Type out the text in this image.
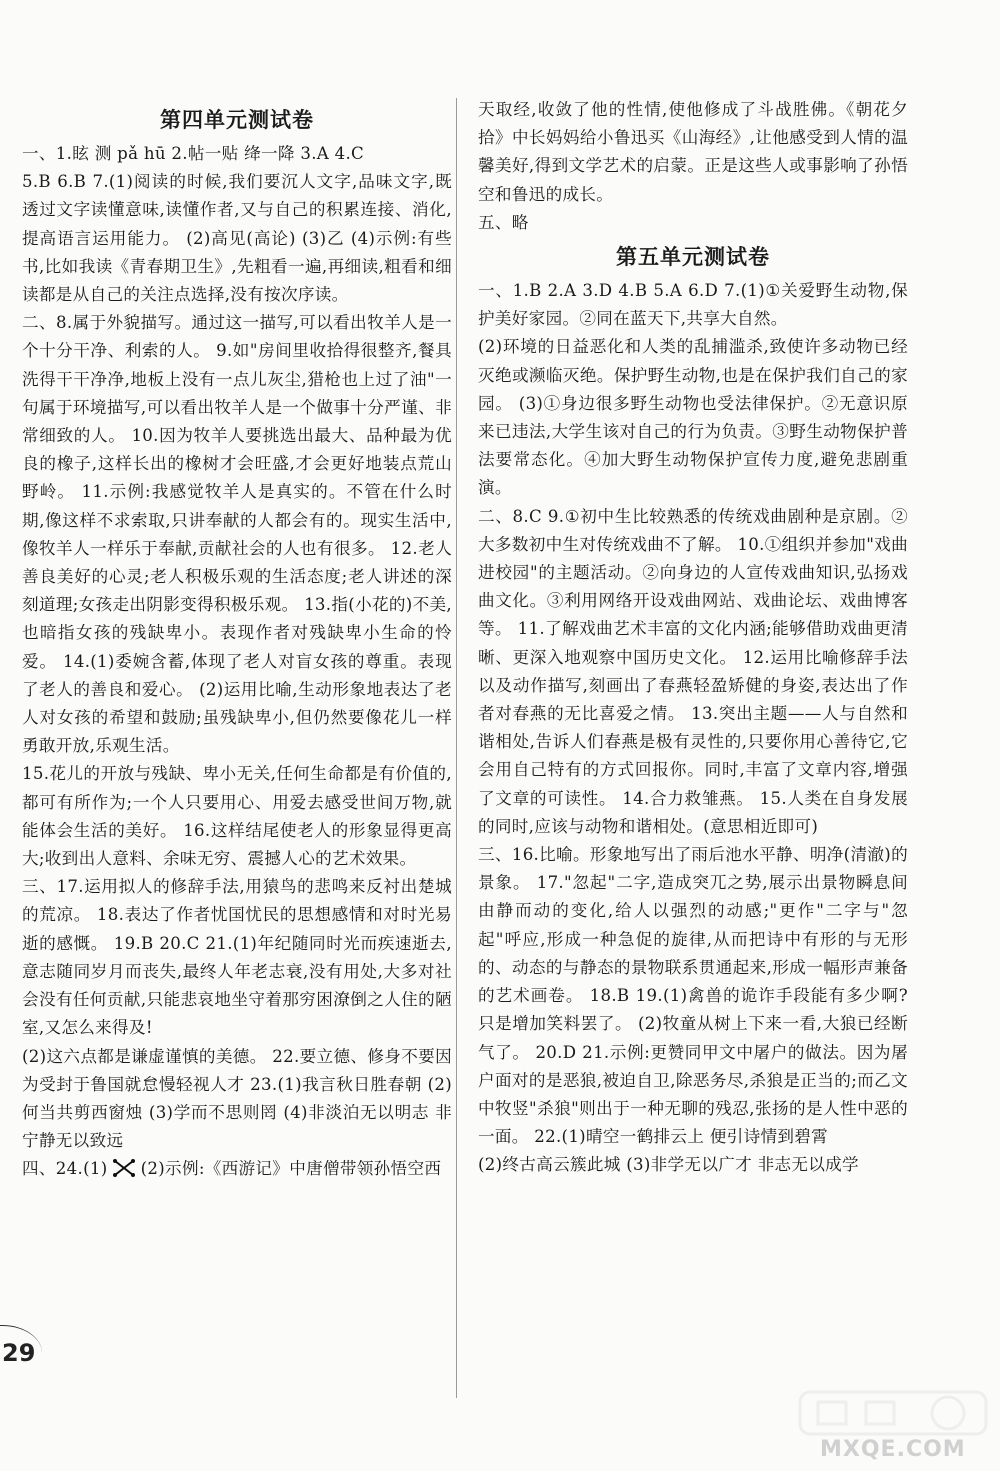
第四单元测试卷

一、1.眩 测 pǎ hū 2.帖一贴 绛一降 3.A 4.C

5.B 6.B 7.(1)阅读的时候,我们要沉人文字,品味文字,既透过文字读懂意味,读懂作者,又与自己的积累连接、消化,提高语言运用能力。 (2)高见(高论) (3)乙 (4)示例:有些书,比如我读《青春期卫生》,先粗看一遍,再细读,粗看和细读都是从自己的关注点选择,没有按次序读。

二、8.属于外貌描写。通过这一描写,可以看出牧羊人是一个十分干净、利索的人。 9.如"房间里收拾得很整齐,餐具洗得干干净净,地板上没有一点儿灰尘,猎枪也上过了油"一句属于环境描写,可以看出牧羊人是一个做事十分严谨、非常细致的人。 10.因为牧羊人要挑选出最大、品种最为优良的橡子,这样长出的橡树才会旺盛,才会更好地装点荒山野岭。 11.示例:我感觉牧羊人是真实的。不管在什么时期,像这样不求索取,只讲奉献的人都会有的。现实生活中,像牧羊人一样乐于奉献,贡献社会的人也有很多。 12.老人善良美好的心灵;老人积极乐观的生活态度;老人讲述的深刻道理;女孩走出阴影变得积极乐观。 13.指(小花的)不美,也暗指女孩的残缺卑小。表现作者对残缺卑小生命的怜爱。 14.(1)委婉含蓄,体现了老人对盲女孩的尊重。表现了老人的善良和爱心。 (2)运用比喻,生动形象地表达了老人对女孩的希望和鼓励;虽残缺卑小,但仍然要像花儿一样勇敢开放,乐观生活。

15.花儿的开放与残缺、卑小无关,任何生命都是有价值的,都可有所作为;一个人只要用心、用爱去感受世间万物,就能体会生活的美好。 16.这样结尾使老人的形象显得更高大;收到出人意料、余味无穷、震撼人心的艺术效果。

三、17.运用拟人的修辞手法,用猿鸟的悲鸣来反衬出楚城的荒凉。 18.表达了作者忧国忧民的思想感情和对时光易逝的感慨。 19.B 20.C 21.(1)年纪随同时光而疾速逝去,意志随同岁月而丧失,最终人年老志衰,没有用处,大多对社会没有任何贡献,只能悲哀地坐守着那穷困潦倒之人住的陋室,又怎么来得及!

(2)这六点都是谦虚谨慎的美德。 22.要立德、修身不要因为受封于鲁国就怠慢轻视人才 23.(1)我言秋日胜春朝 (2)何当共剪西窗烛 (3)学而不思则罔 (4)非淡泊无以明志 非宁静无以致远

四、24.(1) (2)示例:《西游记》中唐僧带领孙悟空西

天取经,收敛了他的性情,使他修成了斗战胜佛。《朝花夕拾》中长妈妈给小鲁迅买《山海经》,让他感受到人情的温馨美好,得到文学艺术的启蒙。正是这些人或事影响了孙悟空和鲁迅的成长。

五、略

第五单元测试卷

一、1.B 2.A 3.D 4.B 5.A 6.D 7.(1)①关爱野生动物,保护美好家园。②同在蓝天下,共享大自然。

(2)环境的日益恶化和人类的乱捕滥杀,致使许多动物已经灭绝或濒临灭绝。保护野生动物,也是在保护我们自己的家园。 (3)①身边很多野生动物也受法律保护。②无意识原来已违法,大学生该对自己的行为负责。③野生动物保护普法要常态化。④加大野生动物保护宣传力度,避免悲剧重演。

二、8.C 9.①初中生比较熟悉的传统戏曲剧种是京剧。②大多数初中生对传统戏曲不了解。 10.①组织并参加"戏曲进校园"的主题活动。②向身边的人宣传戏曲知识,弘扬戏曲文化。③利用网络开设戏曲网站、戏曲论坛、戏曲博客等。 11.了解戏曲艺术丰富的文化内涵;能够借助戏曲更清晰、更深入地观察中国历史文化。 12.运用比喻修辞手法以及动作描写,刻画出了春燕轻盈矫健的身姿,表达出了作者对春燕的无比喜爱之情。 13.突出主题——人与自然和谐相处,告诉人们春燕是极有灵性的,只要你用心善待它,它会用自己特有的方式回报你。同时,丰富了文章内容,增强了文章的可读性。 14.合力救雏燕。 15.人类在自身发展的同时,应该与动物和谐相处。(意思相近即可)

三、16.比喻。形象地写出了雨后池水平静、明净(清澈)的景象。 17."忽起"二字,造成突兀之势,展示出景物瞬息间由静而动的变化,给人以强烈的动感;"更作"二字与"忽起"呼应,形成一种急促的旋律,从而把诗中有形的与无形的、动态的与静态的景物联系贯通起来,形成一幅形声兼备的艺术画卷。 18.B 19.(1)禽兽的诡诈手段能有多少啊?只是增加笑料罢了。 (2)牧童从树上下来一看,大狼已经断气了。 20.D 21.示例:更赞同甲文中屠户的做法。因为屠户面对的是恶狼,被迫自卫,除恶务尽,杀狼是正当的;而乙文中牧竖"杀狼"则出于一种无聊的残忍,张扬的是人性中恶的一面。 22.(1)晴空一鹤排云上 便引诗情到碧霄

(2)终古高云簇此城 (3)非学无以广才 非志无以成学

29
MXQE.COM
